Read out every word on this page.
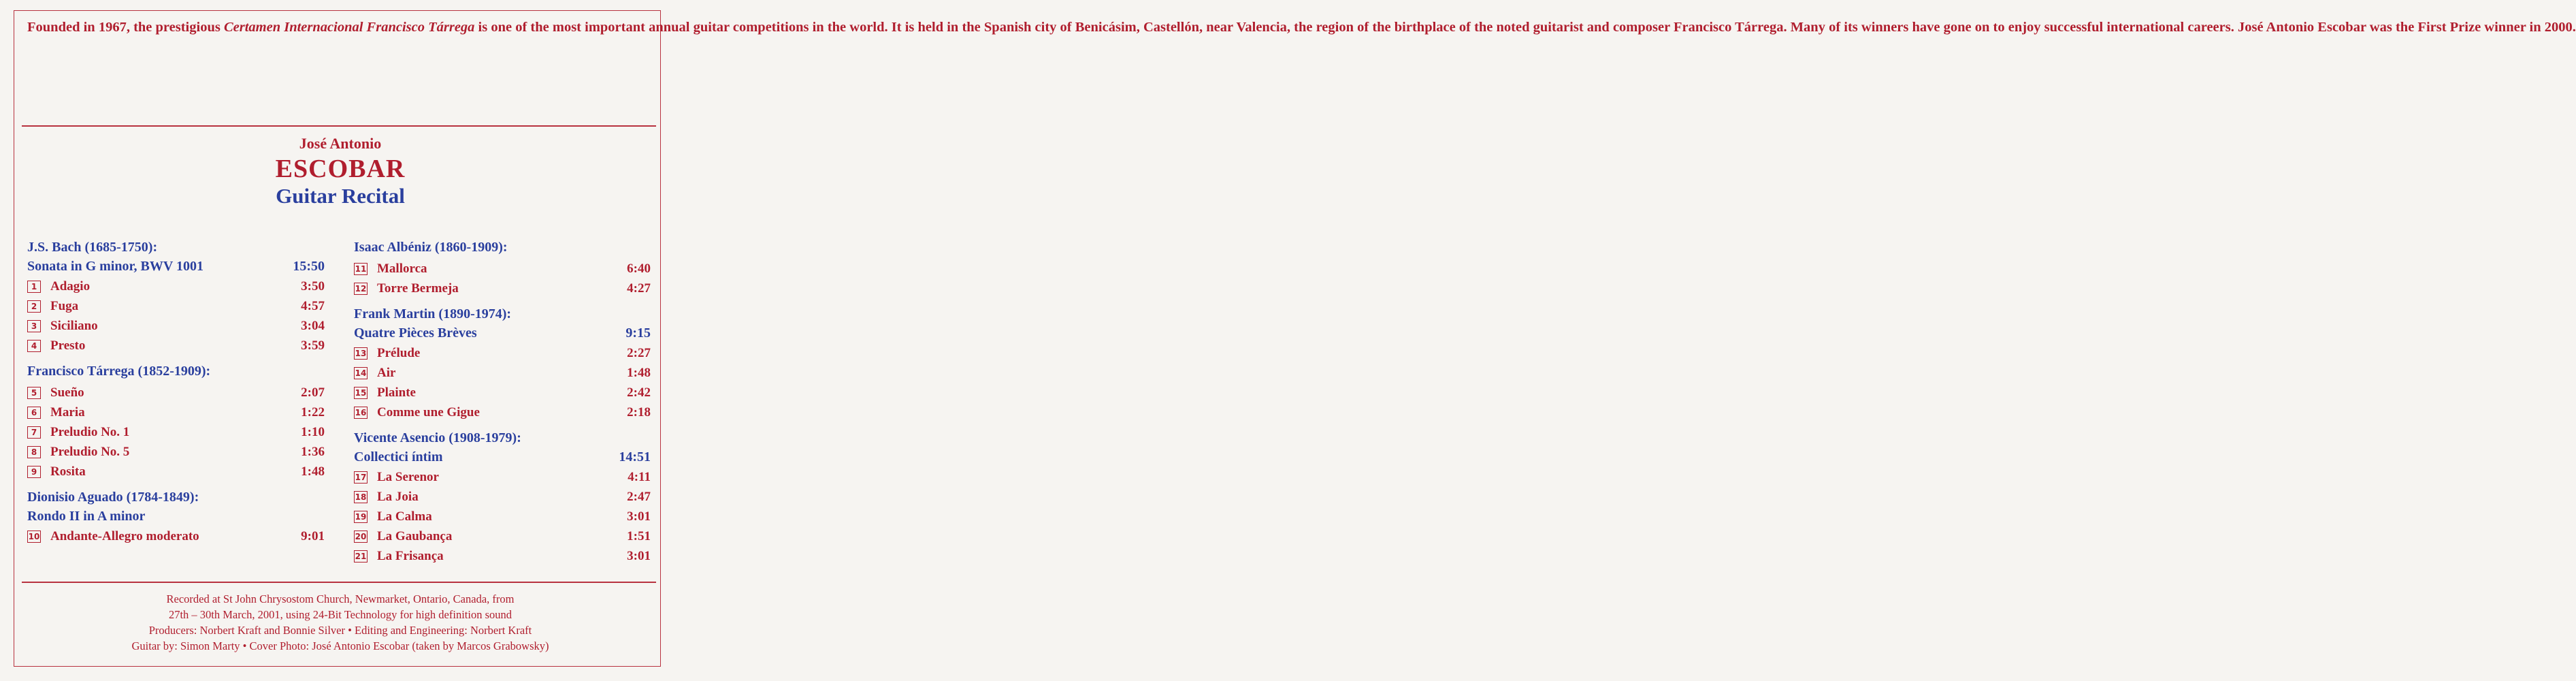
Founded in 1967, the prestigious Certamen Internacional Francisco Tárrega is one of the most important annual guitar competitions in the world. It is held in the Spanish city of Benicásim, Castellón, near Valencia, the region of the birthplace of the noted guitarist and composer Francisco Tárrega. Many of its winners have gone on to enjoy successful international careers. José Antonio Escobar was the First Prize winner in 2000.

José Antonio
ESCOBAR
Guitar Recital
J.S. Bach (1685-1750):
Sonata in G minor, BWV 1001	15:50
1	Adagio	3:50
2	Fuga	4:57
3	Siciliano	3:04
4	Presto	3:59
Francisco Tárrega (1852-1909):
5	Sueño	2:07
6	Maria	1:22
7	Preludio No. 1	1:10
8	Preludio No. 5	1:36
9	Rosita	1:48
Dionisio Aguado (1784-1849):
Rondo II in A minor
10 Andante-Allegro moderato	9:01
Isaac Albéniz (1860-1909):
11 Mallorca	6:40
12 Torre Bermeja	4:27
Frank Martin (1890-1974):
Quatre Pièces Brèves	9:15
13 Prélude	2:27
14 Air	1:48
15 Plainte	2:42
16 Comme une Gigue	2:18
Vicente Asencio (1908-1979):
Collectici íntim	14:51
17 La Serenor	4:11
18 La Joia	2:47
19 La Calma	3:01
20 La Gaubança	1:51
21 La Frisança	3:01

Recorded at St John Chrysostom Church, Newmarket, Ontario, Canada, from
27th – 30th March, 2001, using 24-Bit Technology for high definition sound
Producers: Norbert Kraft and Bonnie Silver • Editing and Engineering: Norbert Kraft
Guitar by: Simon Marty • Cover Photo: José Antonio Escobar (taken by Marcos Grabowsky)
